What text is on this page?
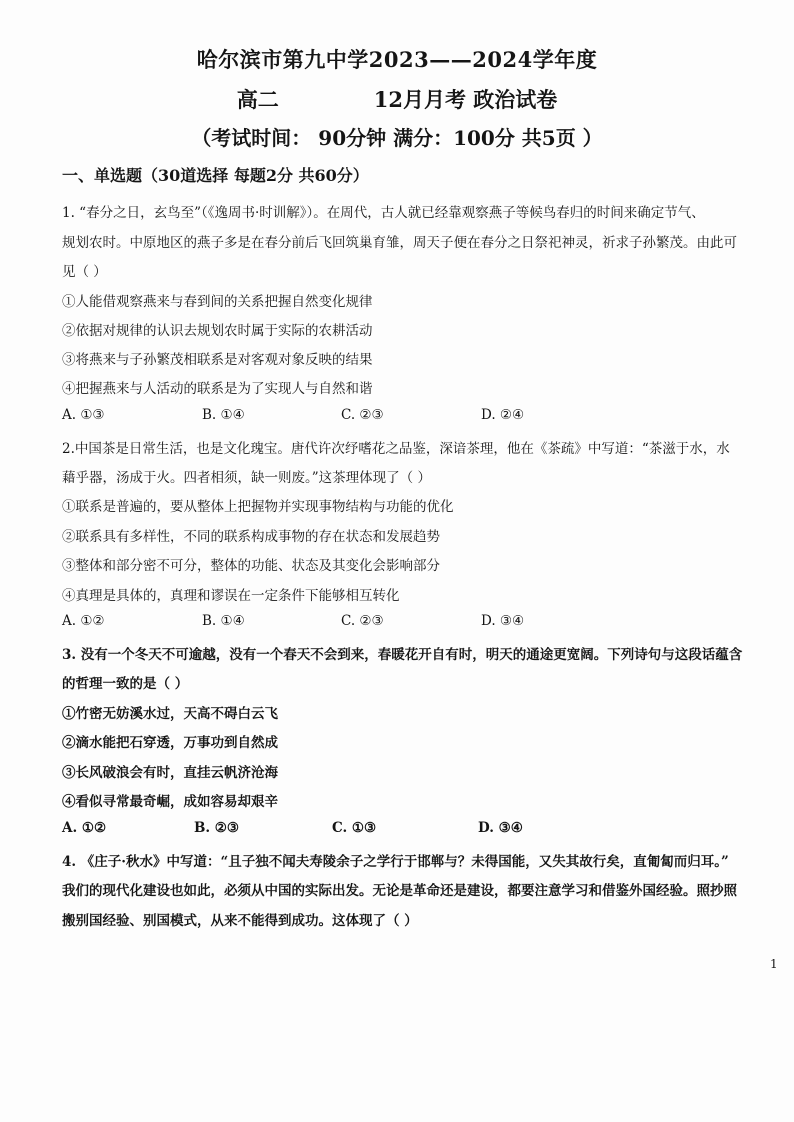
哈尔滨市第九中学2023——2024学年度
高二	12月月考 政治试卷
（考试时间： 90分钟 满分：100分 共5页 ）
一、单选题（30道选择 每题2分 共60分）
1. “春分之日，玄鸟至”（《逸周书·时训解》）。在周代，古人就已经靠观察燕子等候鸟春归的时间来确定节气、
规划农时。中原地区的燕子多是在春分前后飞回筑巢育雏，周天子便在春分之日祭祀神灵，祈求子孙繁茂。由此可
见（ ）
①人能借观察燕来与春到间的关系把握自然变化规律
②依据对规律的认识去规划农时属于实际的农耕活动
③将燕来与子孙繁茂相联系是对客观对象反映的结果
④把握燕来与人活动的联系是为了实现人与自然和谐
A. ①③	B. ①④	C. ②③	D. ②④
2.中国茶是日常生活，也是文化瑰宝。唐代许次纾嗜花之品鉴，深谙茶理，他在《茶疏》中写道：“茶滋于水，水
藉乎器，汤成于火。四者相须，缺一则废。”这茶理体现了（ ）
①联系是普遍的，要从整体上把握物并实现事物结构与功能的优化
②联系具有多样性，不同的联系构成事物的存在状态和发展趋势
③整体和部分密不可分，整体的功能、状态及其变化会影响部分
④真理是具体的，真理和谬误在一定条件下能够相互转化
A. ①②	B. ①④	C. ②③	D. ③④
3. 没有一个冬天不可逾越，没有一个春天不会到来，春暖花开自有时，明天的通途更宽阔。下列诗句与这段话蕴含
的哲理一致的是（ ）
①竹密无妨溪水过，天高不碍白云飞
②滴水能把石穿透，万事功到自然成
③长风破浪会有时，直挂云帆济沧海
④看似寻常最奇崛，成如容易却艰辛
A. ①②	B. ②③	C. ①③	D. ③④
4. 《庄子·秋水》中写道：“且子独不闻夫寿陵余子之学行于邯郸与？未得国能，又失其故行矣，直匍匐而归耳。”
我们的现代化建设也如此，必须从中国的实际出发。无论是革命还是建设，都要注意学习和借鉴外国经验。照抄照
搬别国经验、别国模式，从来不能得到成功。这体现了（ ）
1
